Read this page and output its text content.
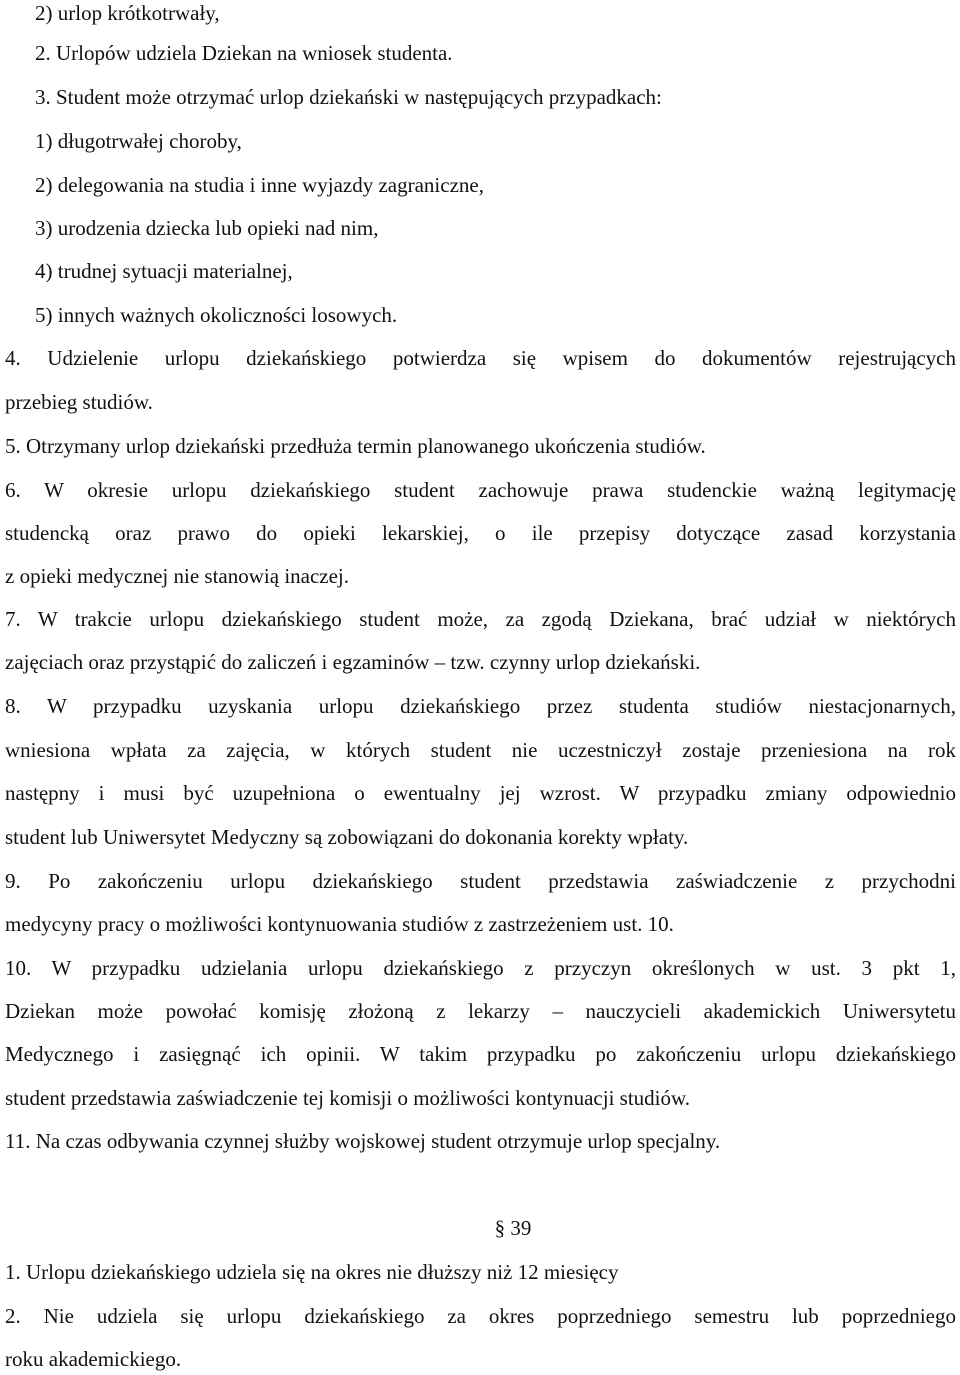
2) urlop krótkotrwały,
2. Urlopów udziela Dziekan na wniosek studenta.
3. Student może otrzymać urlop dziekański w następujących przypadkach:
1) długotrwałej choroby,
2) delegowania na studia i inne wyjazdy zagraniczne,
3) urodzenia dziecka lub opieki nad nim,
4) trudnej sytuacji materialnej,
5) innych ważnych okoliczności losowych.
4. Udzielenie urlopu dziekańskiego potwierdza się wpisem do dokumentów rejestrujących
przebieg studiów.
5. Otrzymany urlop dziekański przedłuża termin planowanego ukończenia studiów.
6. W okresie urlopu dziekańskiego student zachowuje prawa studenckie ważną legitymację
studencką oraz prawo do opieki lekarskiej, o ile przepisy dotyczące zasad korzystania
z opieki medycznej nie stanowią inaczej.
7. W trakcie urlopu dziekańskiego student może, za zgodą Dziekana, brać udział w niektórych
zajęciach oraz przystąpić do zaliczeń i egzaminów – tzw. czynny urlop dziekański.
8. W przypadku uzyskania urlopu dziekańskiego przez studenta studiów niestacjonarnych,
wniesiona wpłata za zajęcia, w których student nie uczestniczył zostaje przeniesiona na rok
następny i musi być uzupełniona o ewentualny jej wzrost. W przypadku zmiany odpowiednio
student lub Uniwersytet Medyczny są zobowiązani do dokonania korekty wpłaty.
9. Po zakończeniu urlopu dziekańskiego student przedstawia zaświadczenie z przychodni
medycyny pracy o możliwości kontynuowania studiów z zastrzeżeniem ust. 10.
10. W przypadku udzielania urlopu dziekańskiego z przyczyn określonych w ust. 3 pkt 1,
Dziekan może powołać komisję złożoną z lekarzy – nauczycieli akademickich Uniwersytetu
Medycznego i zasięgnąć ich opinii. W takim przypadku po zakończeniu urlopu dziekańskiego
student przedstawia zaświadczenie tej komisji o możliwości kontynuacji studiów.
11. Na czas odbywania czynnej służby wojskowej student otrzymuje urlop specjalny.
§ 39
1. Urlopu dziekańskiego udziela się na okres nie dłuższy niż 12 miesięcy
2. Nie udziela się urlopu dziekańskiego za okres poprzedniego semestru lub poprzedniego
roku akademickiego.
